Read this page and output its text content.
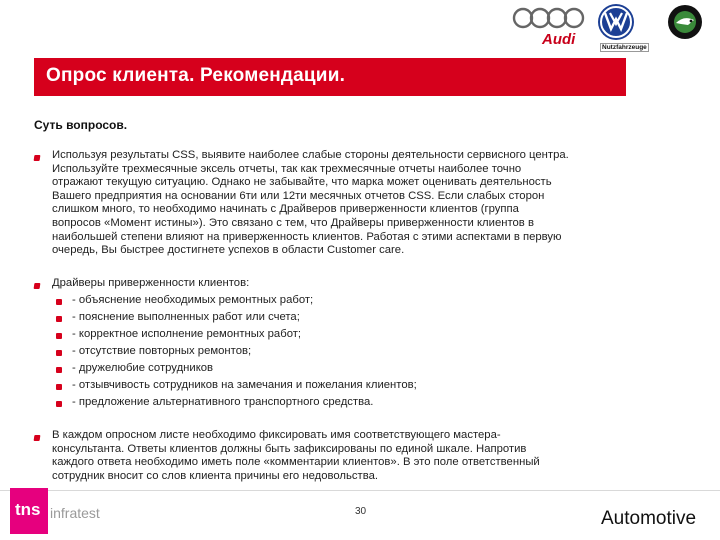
Audi	Nutzfahrzeuge
Опрос клиента. Рекомендации.
Суть вопросов.
Используя результаты CSS, выявите наиболее слабые стороны деятельности сервисного центра.
Используйте трехмесячные эксель отчеты, так как трехмесячные отчеты наиболее точно
отражают текущую ситуацию. Однако не забывайте, что марка может оценивать деятельность
Вашего предприятия на основании 6ти или 12ти месячных отчетов CSS. Если слабых сторон
слишком много, то необходимо начинать с Драйверов приверженности клиентов (группа
вопросов «Момент истины»). Это связано с тем, что Драйверы приверженности клиентов в
наибольшей степени влияют на приверженность клиентов. Работая с этими аспектами в первую
очередь, Вы быстрее достигнете успехов в области Customer care.
Драйверы приверженности клиентов:
- объяснение необходимых ремонтных работ;
- пояснение выполненных работ или счета;
- корректное исполнение ремонтных работ;
- отсутствие повторных ремонтов;
- дружелюбие сотрудников
- отзывчивость сотрудников на замечания и пожелания клиентов;
- предложение альтернативного транспортного средства.
В каждом опросном листе необходимо фиксировать имя соответствующего мастера-
консультанта. Ответы клиентов должны быть зафиксированы по единой шкале. Напротив
каждого ответа необходимо иметь поле «комментарии клиентов». В это поле ответственный
сотрудник вносит со слов клиента причины его недовольства.
tns infratest	30	Automotive
